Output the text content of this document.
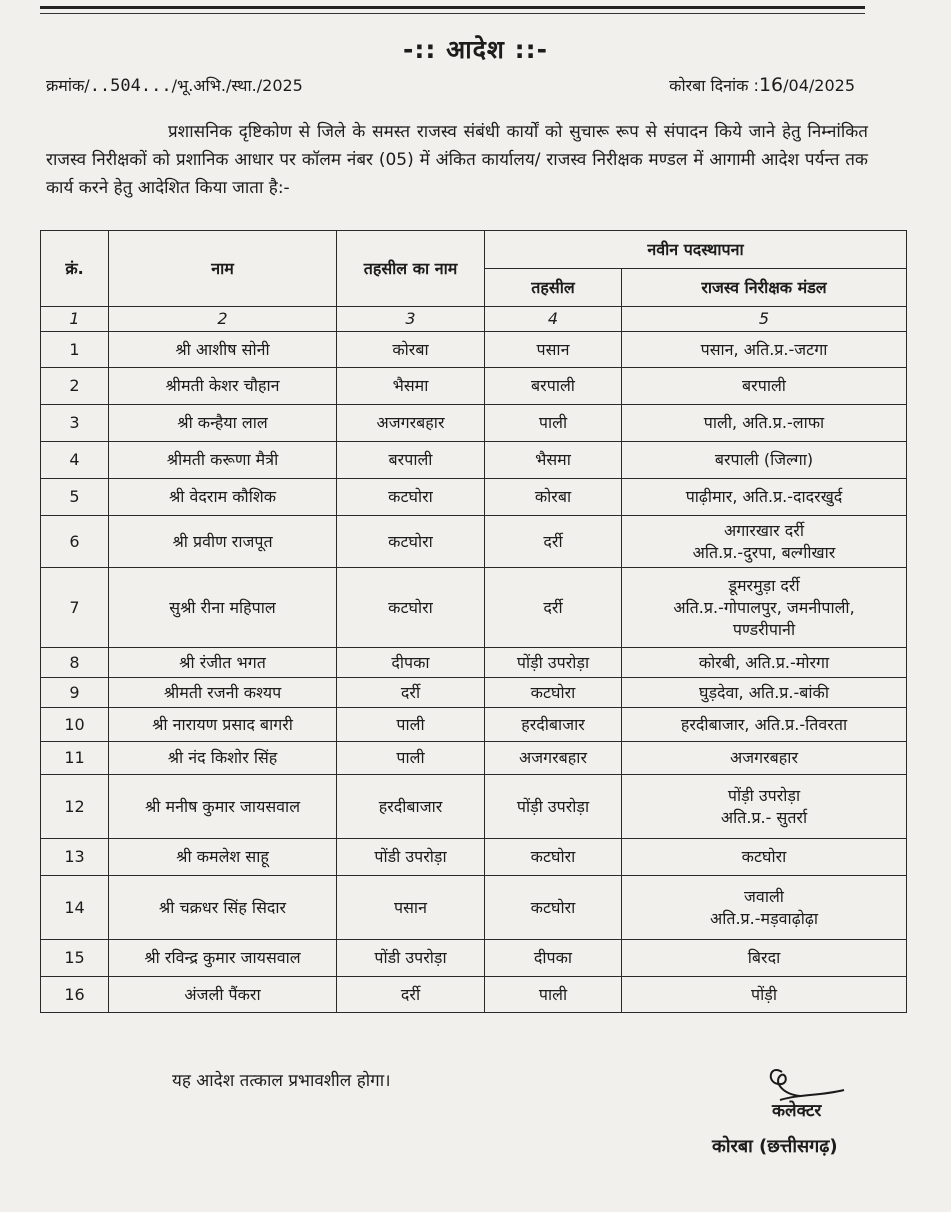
-:: आदेश ::-
क्रमांक/..504.../भू.अभि./स्था./2025	कोरबा दिनांक :16/04/2025
प्रशासनिक दृष्टिकोण से जिले के समस्त राजस्व संबंधी कार्यों को सुचारू रूप से संपादन किये जाने हेतु निम्नांकित राजस्व निरीक्षकों को प्रशानिक आधार पर कॉलम नंबर (05) में अंकित कार्यालय/ राजस्व निरीक्षक मण्डल में आगामी आदेश पर्यन्त तक कार्य करने हेतु आदेशित किया जाता है:-
क्रं.	नाम	तहसील का नाम	नवीन पदस्थापना	
			तहसील	राजस्व निरीक्षक मंडल
1	2	3	4	5
1	श्री आशीष सोनी	कोरबा	पसान	पसान, अति.प्र.-जटगा
2	श्रीमती केशर चौहान	भैसमा	बरपाली	बरपाली
3	श्री कन्हैया लाल	अजगरबहार	पाली	पाली, अति.प्र.-लाफा
4	श्रीमती करूणा मैत्री	बरपाली	भैसमा	बरपाली (जिल्गा)
5	श्री वेदराम कौशिक	कटघोरा	कोरबा	पाढ़ीमार, अति.प्र.-दादरखुर्द
6	श्री प्रवीण राजपूत	कटघोरा	दर्री	अगारखार दर्री
अति.प्र.-दुरपा, बल्गीखार
7	सुश्री रीना महिपाल	कटघोरा	दर्री	डूमरमुड़ा दर्री
अति.प्र.-गोपालपुर, जमनीपाली,
पण्डरीपानी
8	श्री रंजीत भगत	दीपका	पोंड़ी उपरोड़ा	कोरबी, अति.प्र.-मोरगा
9	श्रीमती रजनी कश्यप	दर्री	कटघोरा	घुड़देवा, अति.प्र.-बांकी
10	श्री नारायण प्रसाद बागरी	पाली	हरदीबाजार	हरदीबाजार, अति.प्र.-तिवरता
11	श्री नंद किशोर सिंह	पाली	अजगरबहार	अजगरबहार
12	श्री मनीष कुमार जायसवाल	हरदीबाजार	पोंड़ी उपरोड़ा	पोंड़ी उपरोड़ा
अति.प्र.- सुतर्रा
13	श्री कमलेश साहू	पोंडी उपरोड़ा	कटघोरा	कटघोरा
14	श्री चक्रधर सिंह सिदार	पसान	कटघोरा	जवाली
अति.प्र.-मड़वाढ़ोढ़ा
15	श्री रविन्द्र कुमार जायसवाल	पोंडी उपरोड़ा	दीपका	बिरदा
16	अंजली पैंकरा	दर्री	पाली	पोंड़ी
यह आदेश तत्काल प्रभावशील होगा।
कलेक्टर
कोरबा (छत्तीसगढ़)
